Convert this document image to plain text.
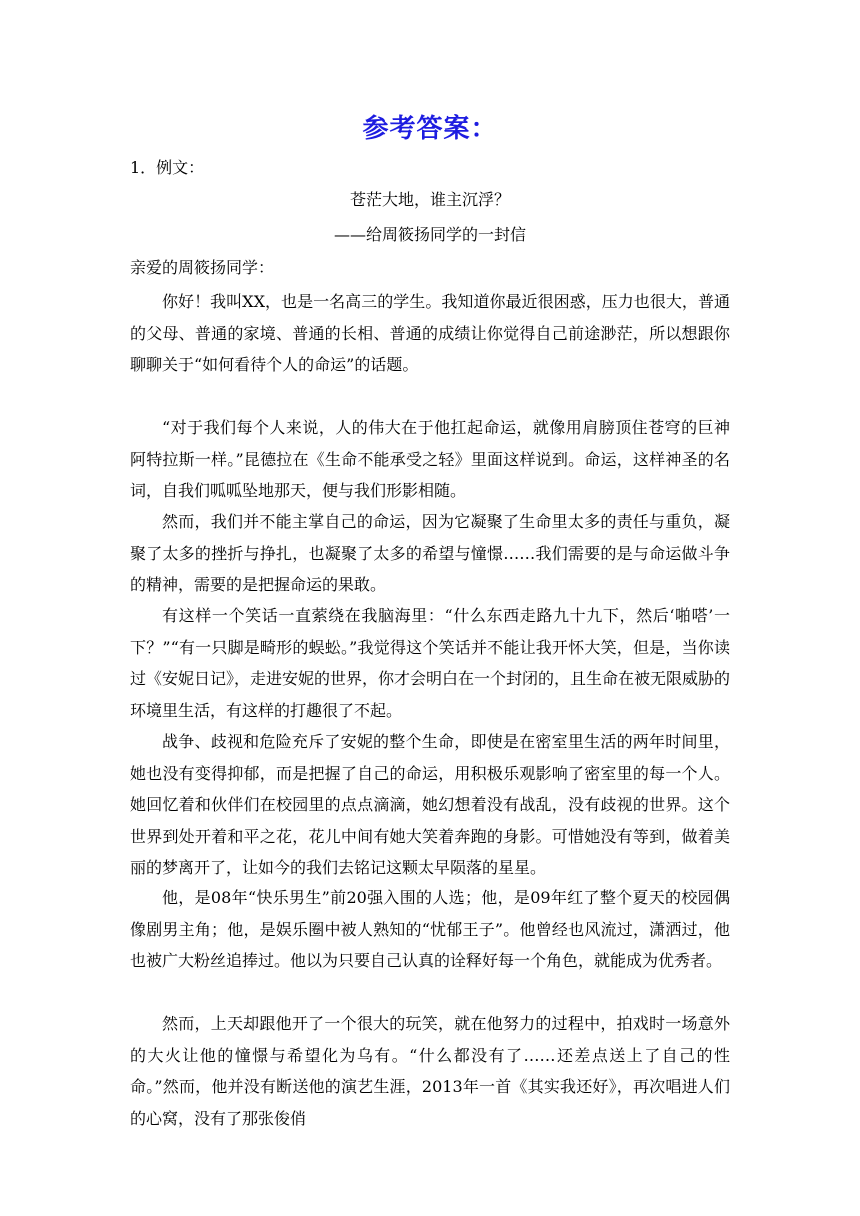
参考答案：
1．例文：
苍茫大地，谁主沉浮？
——给周筱扬同学的一封信
亲爱的周筱扬同学：
你好！我叫XX，也是一名高三的学生。我知道你最近很困惑，压力也很大，普通的父母、普通的家境、普通的长相、普通的成绩让你觉得自己前途渺茫，所以想跟你聊聊关于“如何看待个人的命运”的话题。
“对于我们每个人来说，人的伟大在于他扛起命运，就像用肩膀顶住苍穹的巨神阿特拉斯一样。”昆德拉在《生命不能承受之轻》里面这样说到。命运，这样神圣的名词，自我们呱呱坠地那天，便与我们形影相随。
然而，我们并不能主掌自己的命运，因为它凝聚了生命里太多的责任与重负，凝聚了太多的挫折与挣扎，也凝聚了太多的希望与憧憬……我们需要的是与命运做斗争的精神，需要的是把握命运的果敢。
有这样一个笑话一直萦绕在我脑海里：“什么东西走路九十九下，然后‘啪嗒’一下？”“有一只脚是畸形的蜈蚣。”我觉得这个笑话并不能让我开怀大笑，但是，当你读过《安妮日记》，走进安妮的世界，你才会明白在一个封闭的，且生命在被无限威胁的环境里生活，有这样的打趣很了不起。
战争、歧视和危险充斥了安妮的整个生命，即使是在密室里生活的两年时间里，她也没有变得抑郁，而是把握了自己的命运，用积极乐观影响了密室里的每一个人。她回忆着和伙伴们在校园里的点点滴滴，她幻想着没有战乱，没有歧视的世界。这个世界到处开着和平之花，花儿中间有她大笑着奔跑的身影。可惜她没有等到，做着美丽的梦离开了，让如今的我们去铭记这颗太早陨落的星星。
他，是08年“快乐男生”前20强入围的人选；他，是09年红了整个夏天的校园偶像剧男主角；他，是娱乐圈中被人熟知的“忧郁王子”。他曾经也风流过，潇洒过，他也被广大粉丝追捧过。他以为只要自己认真的诠释好每一个角色，就能成为优秀者。
然而，上天却跟他开了一个很大的玩笑，就在他努力的过程中，拍戏时一场意外的大火让他的憧憬与希望化为乌有。“什么都没有了……还差点送上了自己的性命。”然而，他并没有断送他的演艺生涯，2013年一首《其实我还好》，再次唱进人们的心窝，没有了那张俊俏
